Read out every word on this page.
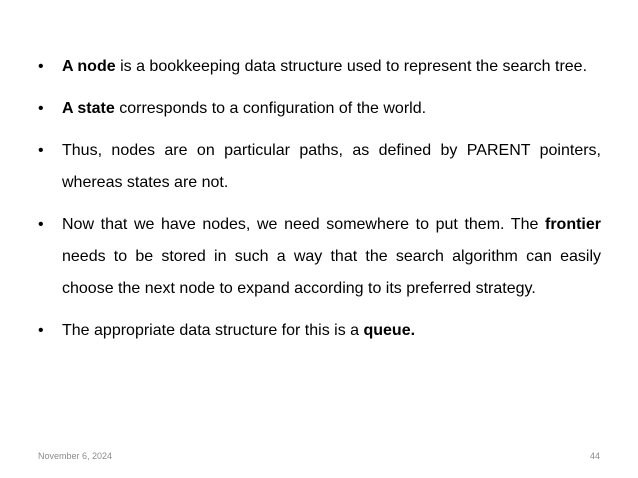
• A node is a bookkeeping data structure used to represent the search tree.
• A state corresponds to a configuration of the world.
• Thus, nodes are on particular paths, as defined by PARENT pointers, whereas states are not.
• Now that we have nodes, we need somewhere to put them. The frontier needs to be stored in such a way that the search algorithm can easily choose the next node to expand according to its preferred strategy.
• The appropriate data structure for this is a queue.
November 6, 2024	44
